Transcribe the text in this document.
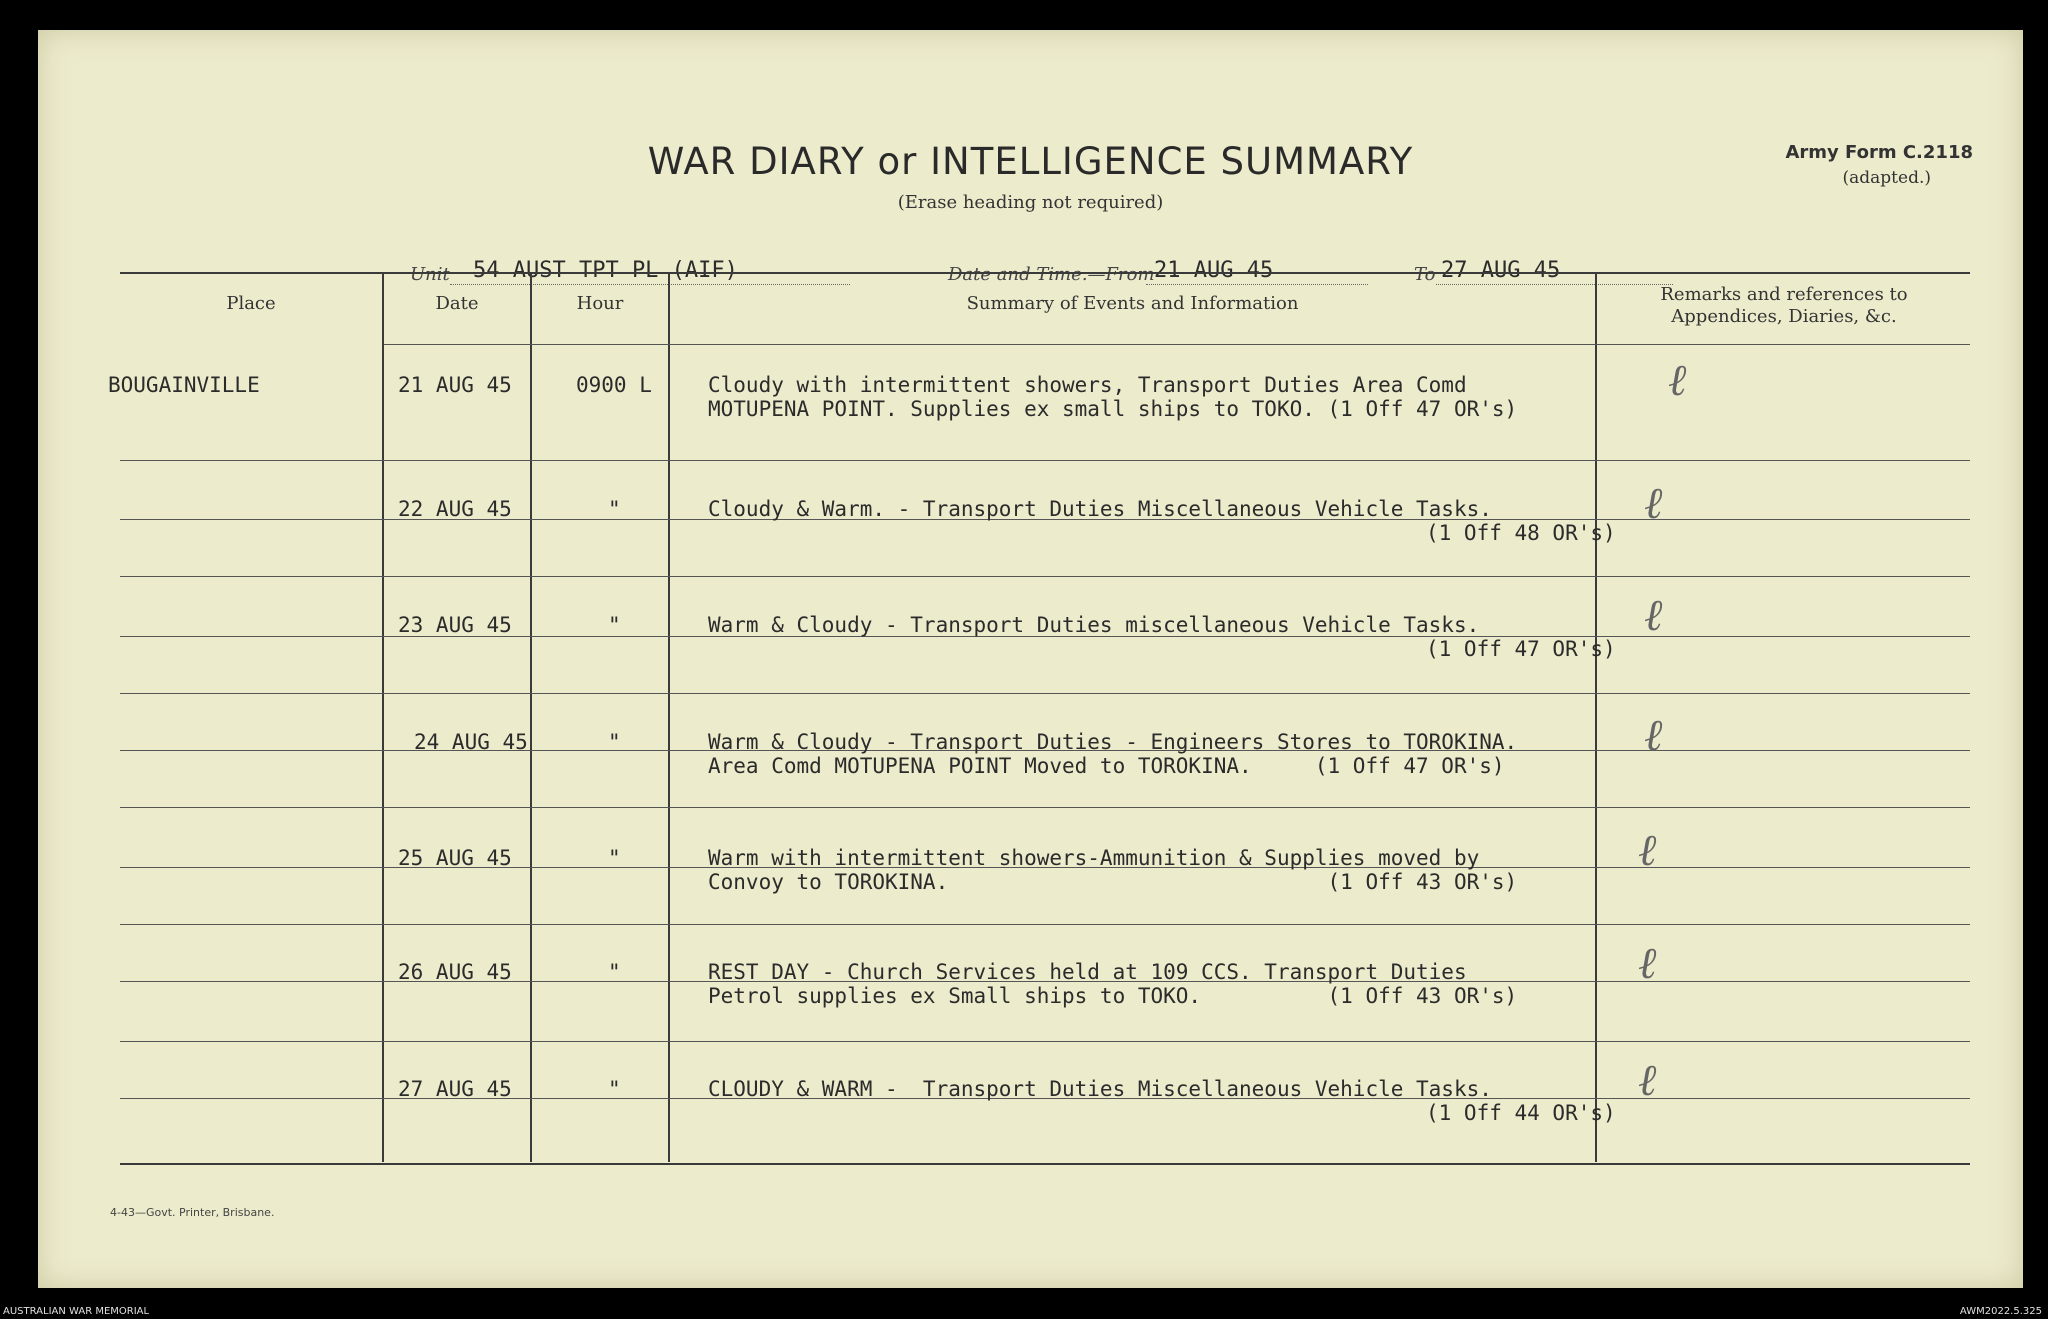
WAR DIARY or INTELLIGENCE SUMMARY
(Erase heading not required)
Army Form C.2118
(adapted.)
Unit 54 AUST TPT PL (AIF)	Date and Time.—From 21 AUG 45	To 27 AUG 45
Place	Date	Hour	Summary of Events and Information	Remarks and references to
Appendices, Diaries, &c.
BOUGAINVILLE	21 AUG 45	0900 L	Cloudy with intermittent showers, Transport Duties Area Comd
MOTUPENA POINT. Supplies ex small ships to TOKO. (1 Off 47 OR's)
ℓ
22 AUG 45	"	Cloudy & Warm. - Transport Duties Miscellaneous Vehicle Tasks.
(1 Off 48 OR's)
ℓ
23 AUG 45	"	Warm & Cloudy - Transport Duties miscellaneous Vehicle Tasks.
(1 Off 47 OR's)
ℓ
24 AUG 45	"	Warm & Cloudy - Transport Duties - Engineers Stores to TOROKINA.
Area Comd MOTUPENA POINT Moved to TOROKINA.     (1 Off 47 OR's)
ℓ
25 AUG 45	"	Warm with intermittent showers-Ammunition & Supplies moved by
Convoy to TOROKINA.                              (1 Off 43 OR's)
ℓ
26 AUG 45	"	REST DAY - Church Services held at 109 CCS. Transport Duties
Petrol supplies ex Small ships to TOKO.          (1 Off 43 OR's)
ℓ
27 AUG 45	"	CLOUDY & WARM -  Transport Duties Miscellaneous Vehicle Tasks.
(1 Off 44 OR's)
ℓ
4-43—Govt. Printer, Brisbane.
AUSTRALIAN WAR MEMORIAL	AWM2022.5.325
